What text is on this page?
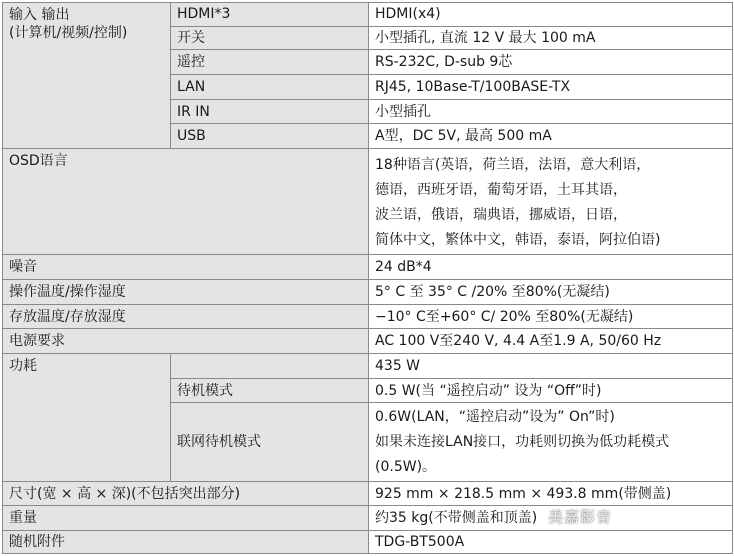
输入 输出
(计算机/视频/控制)	HDMI*3	HDMI(x4)
	开关	小型插孔, 直流 12 V 最大 100 mA
	遥控	RS-232C, D-sub 9芯
	LAN	RJ45, 10Base-T/100BASE-TX
	IR IN	小型插孔
	USB	A型，DC 5V, 最高 500 mA
OSD语言		18种语言(英语，荷兰语，法语，意大利语，
德语，西班牙语，葡萄牙语，土耳其语，
波兰语，俄语，瑞典语，挪威语，日语，
简体中文，繁体中文，韩语，泰语，阿拉伯语)

噪音		24 dB*4
操作温度/操作湿度		5° C 至 35° C /20% 至80%(无凝结)
存放温度/存放湿度		−10° C至+60° C/ 20% 至80%(无凝结)
电源要求		AC 100 V至240 V, 4.4 A至1.9 A, 50/60 Hz
功耗		435 W
	待机模式	0.5 W(当 “遥控启动” 设为 “Off”时)
	联网待机模式	0.6W(LAN，“遥控启动”设为” On”时)
如果未连接LAN接口，功耗则切换为低功耗模式
(0.5W)。

尺寸(宽 × 高 × 深)(不包括突出部分)		925 mm × 218.5 mm × 493.8 mm(带侧盖)
重量		约35 kg(不带侧盖和顶盖)
随机附件		TDG-BT500A
美嘉影音
